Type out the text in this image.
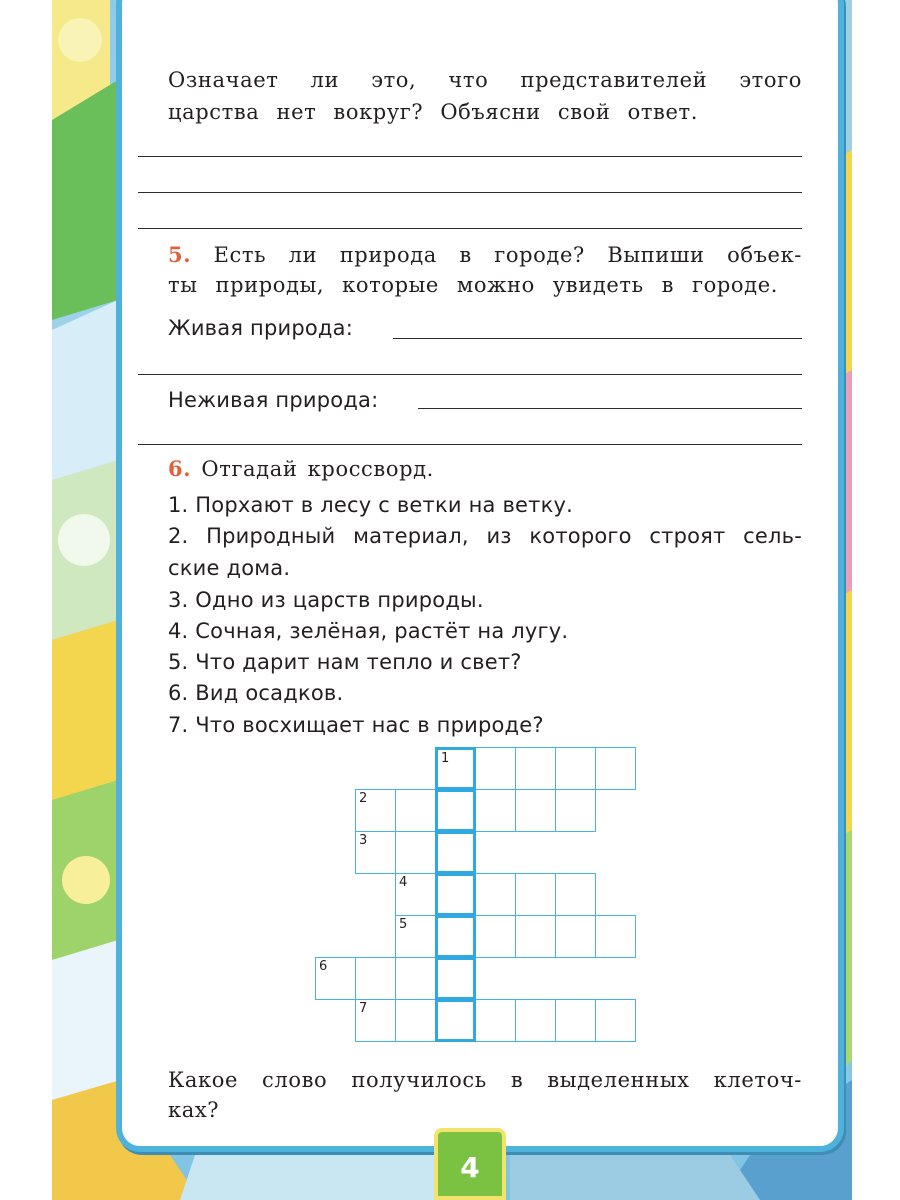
Означает ли это, что представителей этого
царства нет вокруг? Объясни свой ответ.
5. Есть ли природа в городе? Выпиши объек-
ты природы, которые можно увидеть в городе.
Живая природа:
Неживая природа:
6. Отгадай кроссворд.
1. Порхают в лесу с ветки на ветку.
2. Природный материал, из которого строят сель-
ские дома.
3. Одно из царств природы.
4. Сочная, зелёная, растёт на лугу.
5. Что дарит нам тепло и свет?
6. Вид осадков.
7. Что восхищает нас в природе?
1
2
3
4
5
6
7
Какое слово получилось в выделенных клеточ-
ках?
4
